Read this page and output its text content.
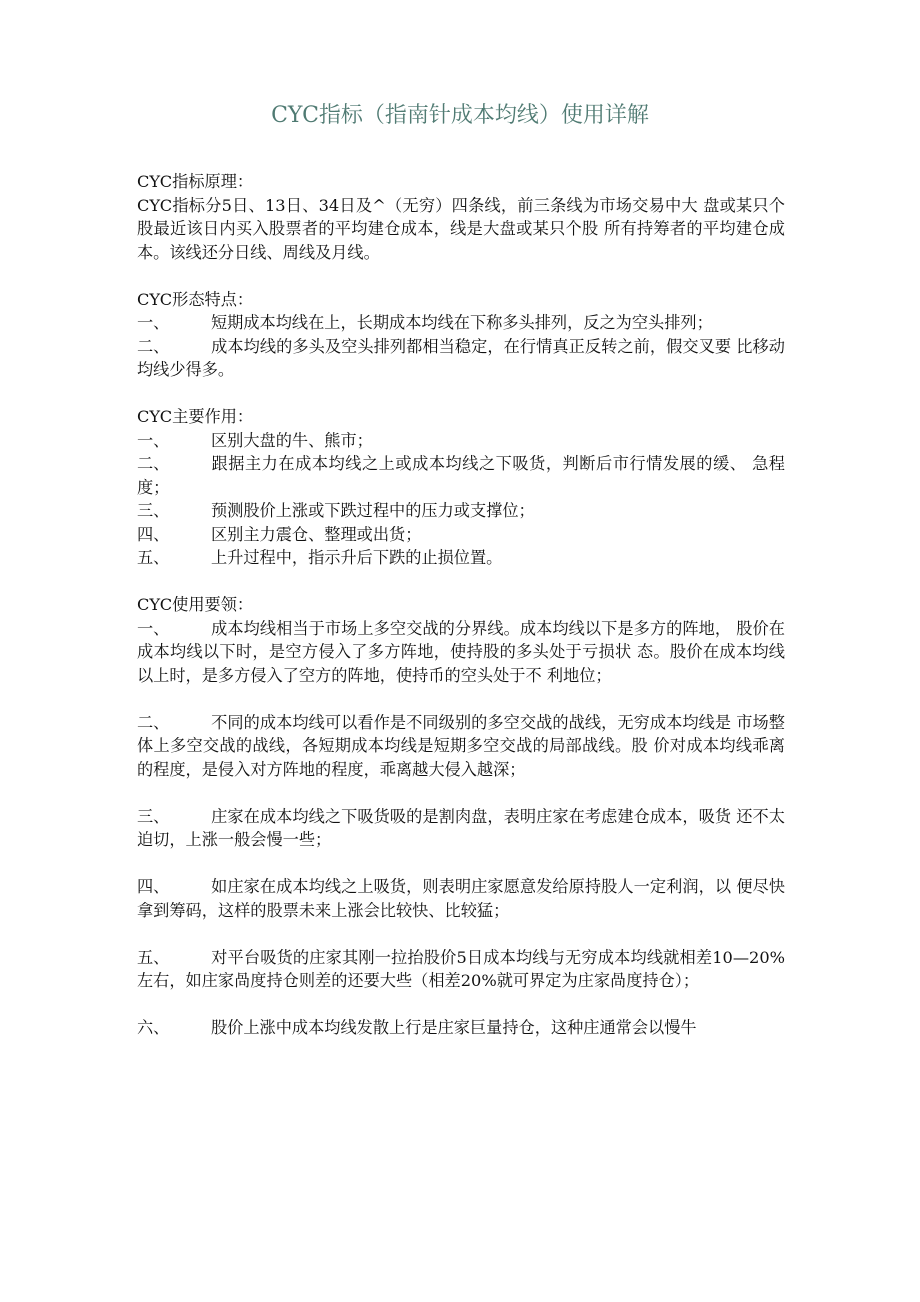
CYC指标（指南针成本均线）使用详解

CYC指标原理：

CYC指标分5日、13日、34日及^（无穷）四条线，前三条线为市场交易中大 盘或某只个股最近该日内买入股票者的平均建仓成本，线是大盘或某只个股 所有持筹者的平均建仓成本。该线还分日线、周线及月线。

CYC形态特点：

一、	短期成本均线在上，长期成本均线在下称多头排列，反之为空头排列；

二、	成本均线的多头及空头排列都相当稳定，在行情真正反转之前，假交叉要 比移动均线少得多。

CYC主要作用：

一、	区别大盘的牛、熊市；

二、	跟据主力在成本均线之上或成本均线之下吸货，判断后市行情发展的缓、 急程度；

三、	预测股价上涨或下跌过程中的压力或支撑位；

四、	区别主力震仓、整理或出货；

五、	上升过程中，指示升后下跌的止损位置。

CYC使用要领：

一、	成本均线相当于市场上多空交战的分界线。成本均线以下是多方的阵地， 股价在成本均线以下时，是空方侵入了多方阵地，使持股的多头处于亏损状 态。股价在成本均线以上时，是多方侵入了空方的阵地，使持币的空头处于不 利地位；

二、	不同的成本均线可以看作是不同级别的多空交战的战线，无穷成本均线是 市场整体上多空交战的战线，各短期成本均线是短期多空交战的局部战线。股 价对成本均线乖离的程度，是侵入对方阵地的程度，乖离越大侵入越深；

三、	庄家在成本均线之下吸货吸的是割肉盘，表明庄家在考虑建仓成本，吸货 还不太迫切，上涨一般会慢一些；

四、	如庄家在成本均线之上吸货，则表明庄家愿意发给原持股人一定利润，以 便尽快拿到筹码，这样的股票未来上涨会比较快、比较猛；

五、	对平台吸货的庄家其刚一拉抬股价5日成本均线与无穷成本均线就相差10—20%左右，如庄家咼度持仓则差的还要大些（相差20%就可界定为庄家咼度持仓）；

六、	股价上涨中成本均线发散上行是庄家巨量持仓，这种庄通常会以慢牛
